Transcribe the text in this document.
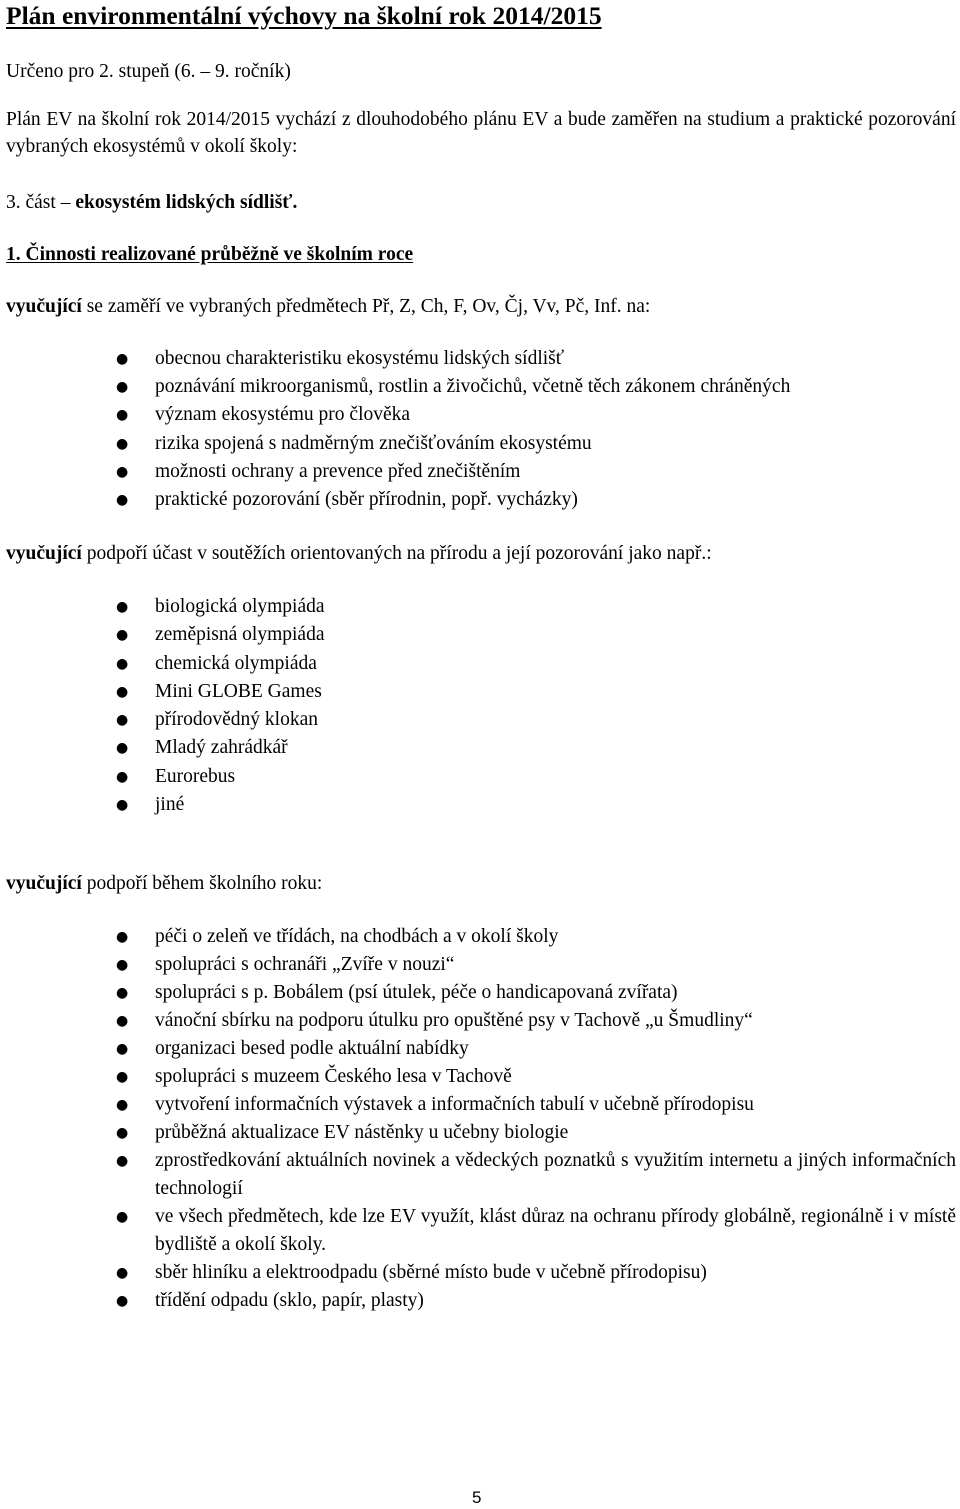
Plán environmentální výchovy na školní rok 2014/2015
Určeno pro 2. stupeň (6. – 9. ročník)
Plán EV na školní rok 2014/2015 vychází z dlouhodobého plánu EV a bude zaměřen na studium a praktické pozorování vybraných ekosystémů v okolí školy:
3. část – ekosystém lidských sídlišť.
1. Činnosti realizované průběžně ve školním roce
vyučující se zaměří ve vybraných předmětech Př, Z, Ch, F, Ov, Čj, Vv, Pč, Inf. na:
● obecnou charakteristiku ekosystému lidských sídlišť
● poznávání mikroorganismů, rostlin a živočichů, včetně těch zákonem chráněných
● význam ekosystému pro člověka
● rizika spojená s nadměrným znečišťováním ekosystému
● možnosti ochrany a prevence před znečištěním
● praktické pozorování (sběr přírodnin, popř. vycházky)
vyučující podpoří účast v soutěžích orientovaných na přírodu a její pozorování jako např.:
● biologická olympiáda
● zeměpisná olympiáda
● chemická olympiáda
● Mini GLOBE Games
● přírodovědný klokan
● Mladý zahrádkář
● Eurorebus
● jiné
vyučující podpoří během školního roku:
● péči o zeleň ve třídách, na chodbách a v okolí školy
● spolupráci s ochranáři „Zvíře v nouzi“
● spolupráci s p. Bobálem (psí útulek, péče o handicapovaná zvířata)
● vánoční sbírku na podporu útulku pro opuštěné psy v Tachově „u Šmudliny“
● organizaci besed podle aktuální nabídky
● spolupráci s muzeem Českého lesa v Tachově
● vytvoření informačních výstavek a informačních tabulí v učebně přírodopisu
● průběžná aktualizace EV nástěnky u učebny biologie
● zprostředkování aktuálních novinek a vědeckých poznatků s využitím internetu a jiných informačních technologií
● ve všech předmětech, kde lze EV využít, klást důraz na ochranu přírody globálně, regionálně i v místě bydliště a okolí školy.
● sběr hliníku a elektroodpadu (sběrné místo bude v učebně přírodopisu)
● třídění odpadu (sklo, papír, plasty)
5
